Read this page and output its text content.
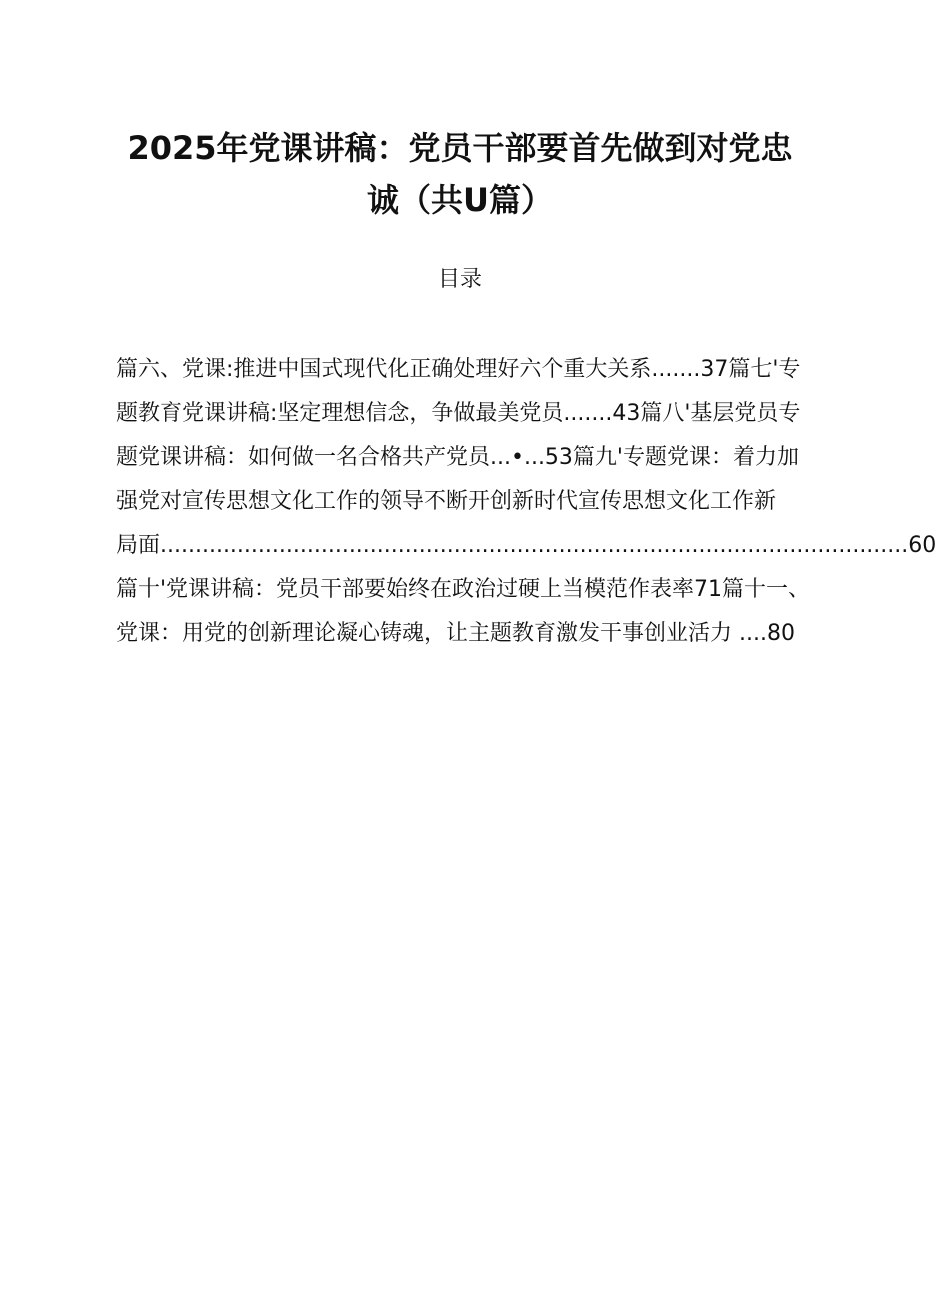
2025年党课讲稿：党员干部要首先做到对党忠
诚（共U篇）
目录
篇六、党课:推进中国式现代化正确处理好六个重大关系.......37篇七'专
题教育党课讲稿:坚定理想信念，争做最美党员.......43篇八'基层党员专
题党课讲稿：如何做一名合格共产党员...•...53篇九'专题党课：着力加
强党对宣传思想文化工作的领导不断开创新时代宣传思想文化工作新
局面...........................................................................................................60
篇十'党课讲稿：党员干部要始终在政治过硬上当模范作表率71篇十一、
党课：用党的创新理论凝心铸魂，让主题教育激发干事创业活力 ....80
